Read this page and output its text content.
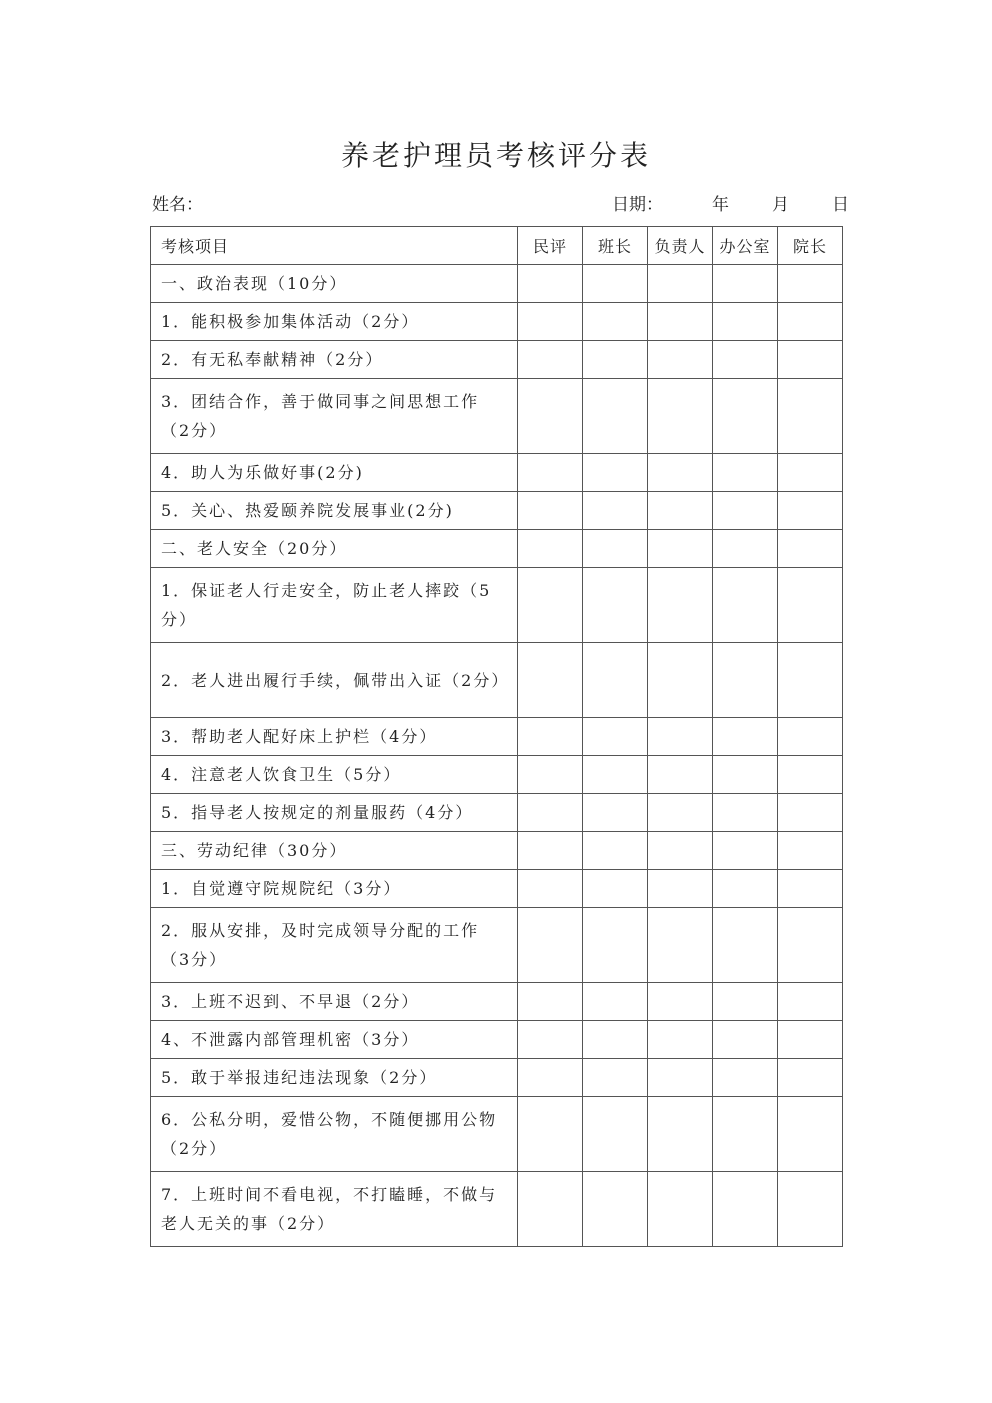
养老护理员考核评分表
姓名：	日期：	年	月	日
考核项目	民评	班长	负责人	办公室	院长
一、政治表现（10分）					
1．能积极参加集体活动（2分）					
2．有无私奉献精神（2分）					
3．团结合作，善于做同事之间思想工作（2分）					
4．助人为乐做好事(2分)					
5．关心、热爱颐养院发展事业(2分)					
二、老人安全（20分）					
1．保证老人行走安全，防止老人摔跤（5分）					
2．老人进出履行手续，佩带出入证（2分）					
3．帮助老人配好床上护栏（4分）					
4．注意老人饮食卫生（5分）					
5．指导老人按规定的剂量服药（4分）					
三、劳动纪律（30分）					
1．自觉遵守院规院纪（3分）					
2．服从安排，及时完成领导分配的工作（3分）					
3．上班不迟到、不早退（2分）					
4、不泄露内部管理机密（3分）					
5．敢于举报违纪违法现象（2分）					
6．公私分明，爱惜公物，不随便挪用公物（2分）					
7．上班时间不看电视，不打瞌睡，不做与老人无关的事（2分）					
